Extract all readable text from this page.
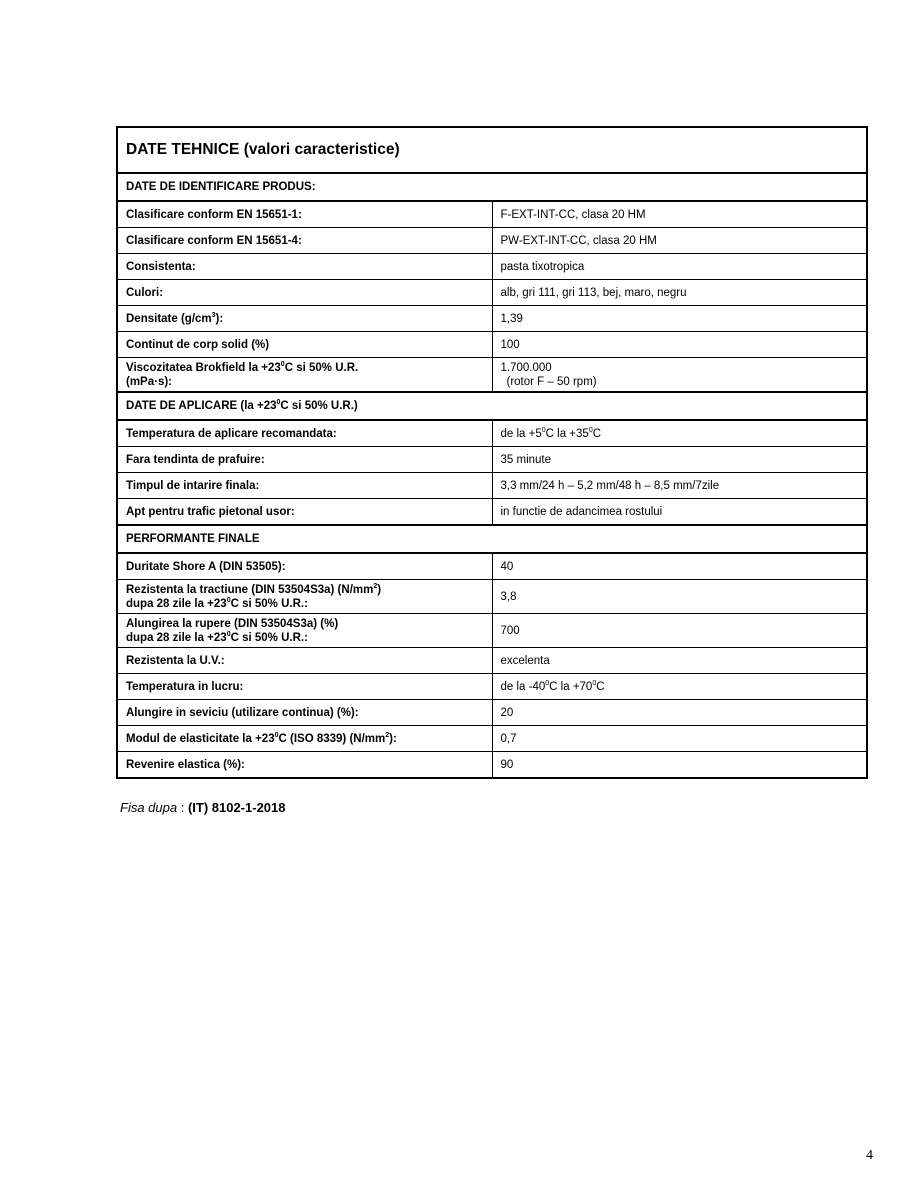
DATE TEHNICE (valori caracteristice)	
DATE DE IDENTIFICARE PRODUS:	
Clasificare conform EN 15651-1:	F-EXT-INT-CC, clasa 20 HM
Clasificare conform EN 15651-4:	PW-EXT-INT-CC, clasa 20 HM
Consistenta:	pasta tixotropica
Culori:	alb, gri 111, gri 113, bej, maro, negru
Densitate $(g/cm^3)$:	1,39
Continut de corp solid (%)	100
Viscozitatea Brokfield la $+23^0C$ si 50% U.R.
(mPa·s):	1.700.000
(rotor F – 50 rpm)
DATE DE APLICARE ($la +23^0C$ si 50% U.R.)	
Temperatura de aplicare recomandata:	de la $+5^0C$ la $+35^0C$
Fara tendinta de prafuire:	35 minute
Timpul de intarire finala:	3,3 mm/24 h – 5,2 mm/48 h – 8,5 mm/7zile
Apt pentru trafic pietonal usor:	in functie de adancimea rostului
PERFORMANTE FINALE	
Duritate Shore A (DIN 53505):	40
Rezistenta la tractiune (DIN 53504S3a) $(N/mm^2)$
dupa 28 zile la $+23^0C$ si 50% U.R.:	3,8
Alungirea la rupere (DIN 53504S3a) (%)
dupa 28 zile la $+23^0C$ si 50% U.R.:	700
Rezistenta la U.V.:	excelenta
Temperatura in lucru:	de la $-40^0C$ la $+70^0C$
Alungire in seviciu (utilizare continua) (%):	20
Modul de elasticitate la $+23^0C$ (ISO 8339) $(N/mm^2)$:	0,7
Revenire elastica (%):	90
Fisa dupa : (IT) 8102-1-2018
4
